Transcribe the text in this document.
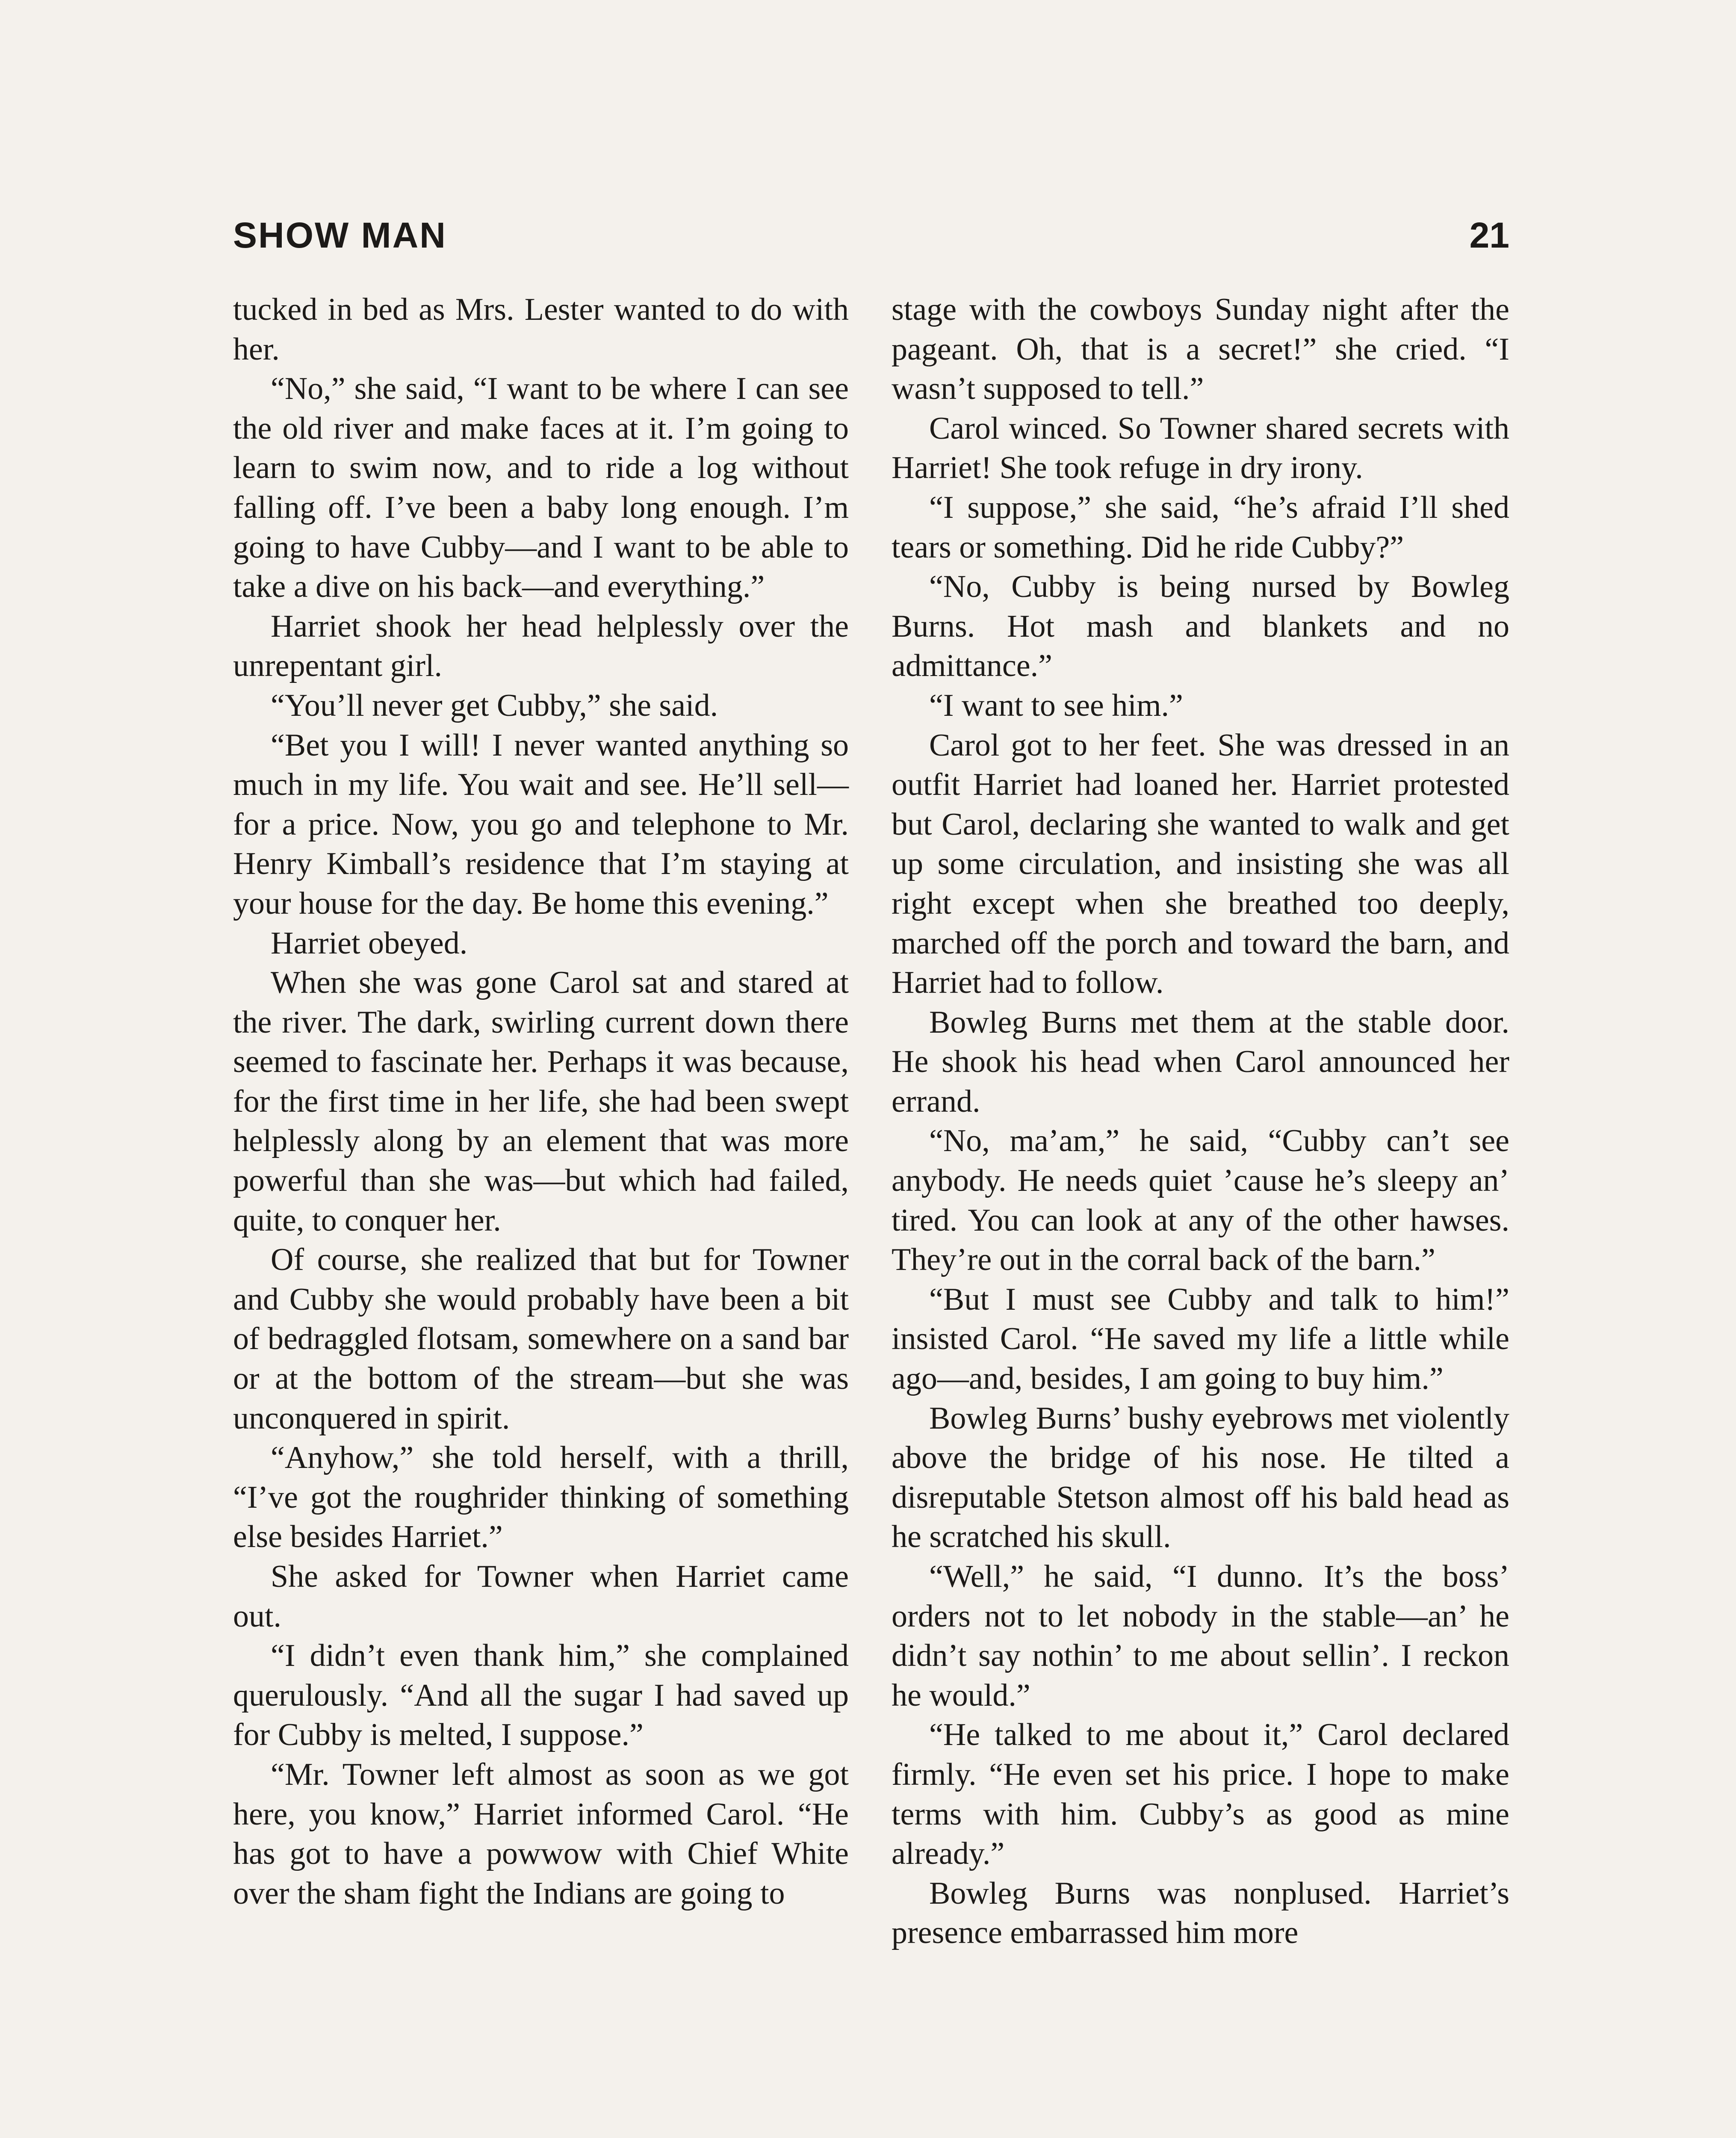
SHOW MAN	21

tucked in bed as Mrs. Lester wanted to do with her.

“No,” she said, “I want to be where I can see the old river and make faces at it. I’m going to learn to swim now, and to ride a log without falling off. I’ve been a baby long enough. I’m going to have Cubby—and I want to be able to take a dive on his back—and everything.”

Harriet shook her head helplessly over the unrepentant girl.

“You’ll never get Cubby,” she said.

“Bet you I will! I never wanted anything so much in my life. You wait and see. He’ll sell—for a price. Now, you go and telephone to Mr. Henry Kimball’s residence that I’m staying at your house for the day. Be home this evening.”

Harriet obeyed.

When she was gone Carol sat and stared at the river. The dark, swirling current down there seemed to fascinate her. Perhaps it was because, for the first time in her life, she had been swept helplessly along by an element that was more powerful than she was—but which had failed, quite, to conquer her.

Of course, she realized that but for Towner and Cubby she would probably have been a bit of bedraggled flotsam, somewhere on a sand bar or at the bottom of the stream—but she was unconquered in spirit.

“Anyhow,” she told herself, with a thrill, “I’ve got the roughrider thinking of something else besides Harriet.”

She asked for Towner when Harriet came out.

“I didn’t even thank him,” she complained querulously. “And all the sugar I had saved up for Cubby is melted, I suppose.”

“Mr. Towner left almost as soon as we got here, you know,” Harriet informed Carol. “He has got to have a powwow with Chief White over the sham fight the Indians are going to

stage with the cowboys Sunday night after the pageant. Oh, that is a secret!” she cried. “I wasn’t supposed to tell.”

Carol winced. So Towner shared secrets with Harriet! She took refuge in dry irony.

“I suppose,” she said, “he’s afraid I’ll shed tears or something. Did he ride Cubby?”

“No, Cubby is being nursed by Bowleg Burns. Hot mash and blankets and no admittance.”

“I want to see him.”

Carol got to her feet. She was dressed in an outfit Harriet had loaned her. Harriet protested but Carol, declaring she wanted to walk and get up some circulation, and insisting she was all right except when she breathed too deeply, marched off the porch and toward the barn, and Harriet had to follow.

Bowleg Burns met them at the stable door. He shook his head when Carol announced her errand.

“No, ma’am,” he said, “Cubby can’t see anybody. He needs quiet ’cause he’s sleepy an’ tired. You can look at any of the other hawses. They’re out in the corral back of the barn.”

“But I must see Cubby and talk to him!” insisted Carol. “He saved my life a little while ago—and, besides, I am going to buy him.”

Bowleg Burns’ bushy eyebrows met violently above the bridge of his nose. He tilted a disreputable Stetson almost off his bald head as he scratched his skull.

“Well,” he said, “I dunno. It’s the boss’ orders not to let nobody in the stable—an’ he didn’t say nothin’ to me about sellin’. I reckon he would.”

“He talked to me about it,” Carol declared firmly. “He even set his price. I hope to make terms with him. Cubby’s as good as mine already.”

Bowleg Burns was nonplused. Harriet’s presence embarrassed him more
